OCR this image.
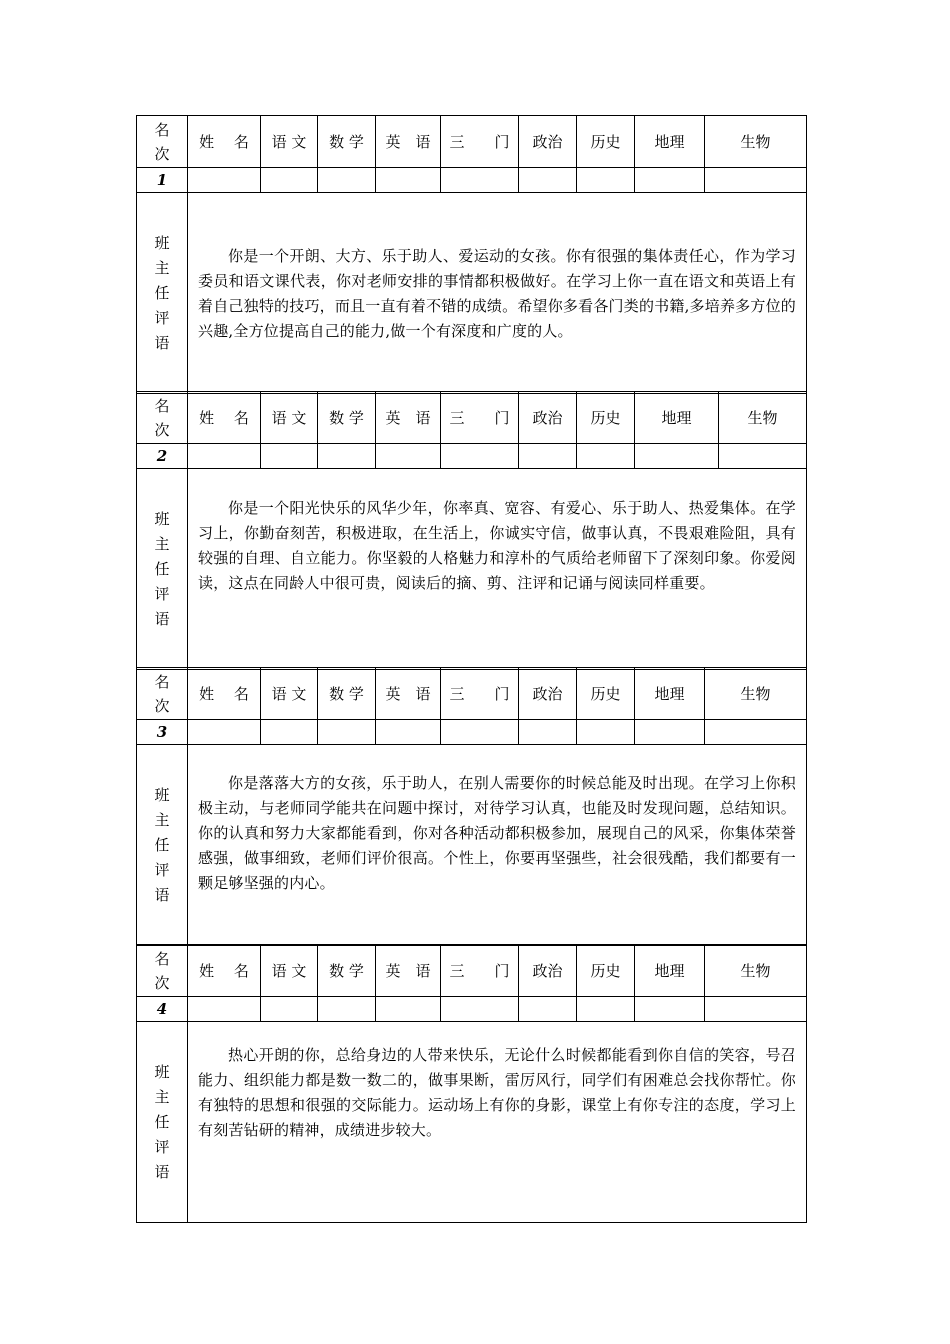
名
次	姓　 名	语 文	数 学	英　语	三　　门	政治	历史	地理	生物
1									

班
主
任
评
语	你是一个开朗、大方、乐于助人、爱运动的女孩。你有很强的集体责任心，作为学习委员和语文课代表，你对老师安排的事情都积极做好。在学习上你一直在语文和英语上有着自己独特的技巧，而且一直有着不错的成绩。希望你多看各门类的书籍,多培养多方位的兴趣,全方位提高自己的能力,做一个有深度和广度的人。								
名
次	姓　 名	语 文	数 学	英　语	三　　门	政治	历史	地理	生物
2									

班
主
任
评
语	你是一个阳光快乐的风华少年，你率真、宽容、有爱心、乐于助人、热爱集体。在学习上，你勤奋刻苦，积极进取，在生活上，你诚实守信，做事认真，不畏艰难险阻，具有较强的自理、自立能力。你坚毅的人格魅力和淳朴的气质给老师留下了深刻印象。你爱阅读，这点在同龄人中很可贵，阅读后的摘、剪、注评和记诵与阅读同样重要。								
名
次	姓　 名	语 文	数 学	英　语	三　　门	政治	历史	地理	生物
3									

班
主
任
评
语	你是落落大方的女孩，乐于助人，在别人需要你的时候总能及时出现。在学习上你积极主动，与老师同学能共在问题中探讨，对待学习认真，也能及时发现问题，总结知识。你的认真和努力大家都能看到，你对各种活动都积极参加，展现自己的风采，你集体荣誉感强，做事细致，老师们评价很高。个性上，你要再坚强些，社会很残酷，我们都要有一颗足够坚强的内心。								
名
次	姓　 名	语 文	数 学	英　语	三　　门	政治	历史	地理	生物
4									

班
主
任
评
语	热心开朗的你，总给身边的人带来快乐，无论什么时候都能看到你自信的笑容，号召能力、组织能力都是数一数二的，做事果断，雷厉风行，同学们有困难总会找你帮忙。你有独特的思想和很强的交际能力。运动场上有你的身影，课堂上有你专注的态度，学习上有刻苦钻研的精神，成绩进步较大。								
